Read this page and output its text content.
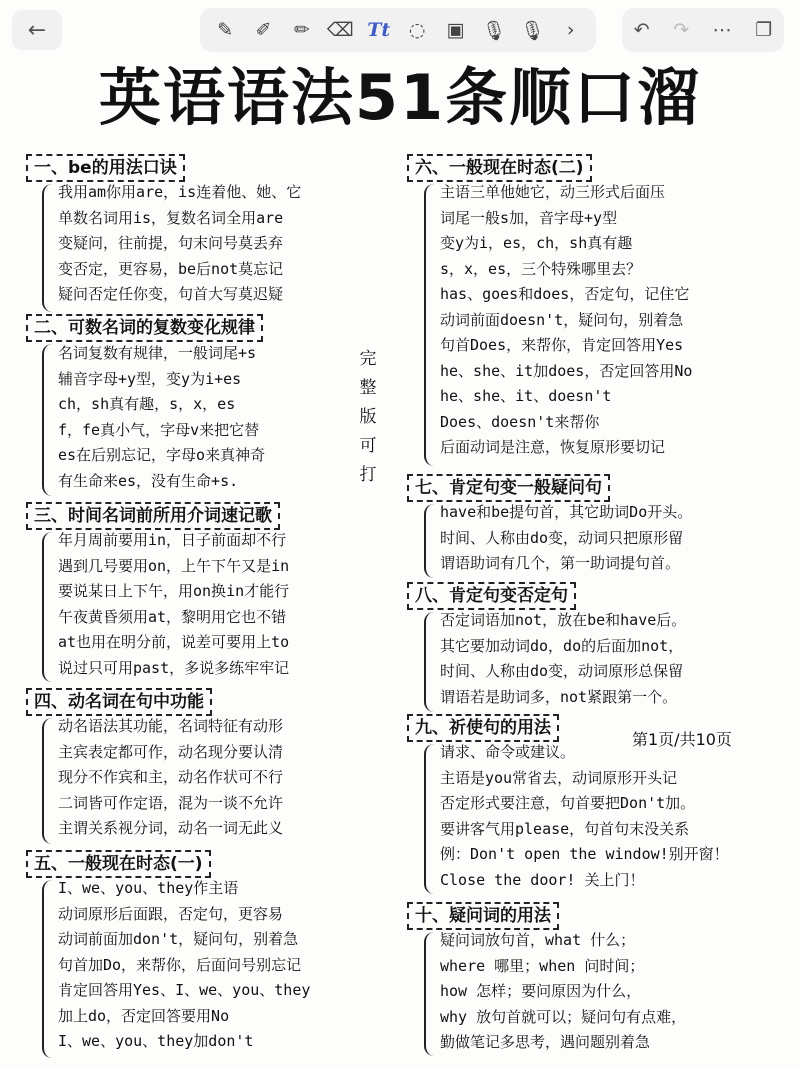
←	✎	✐	✏ ⌫ Tt ◌	▣ 🎙 🎙	›	↶ ↷ ⋯ ❐
英语语法51条顺口溜
一、be的用法口诀
我用am你用are，is连着他、她、它
单数名词用is，复数名词全用are
变疑问，往前提，句末问号莫丢弃
变否定，更容易，be后not莫忘记
疑问否定任你变，句首大写莫迟疑
二、可数名词的复数变化规律
名词复数有规律，一般词尾+s
辅音字母+y型，变y为i+es
ch，sh真有趣，s，x，es
f，fe真小气，字母v来把它替
es在后别忘记，字母o来真神奇
有生命来es，没有生命+s.
完
整
版
可
打
三、时间名词前所用介词速记歌
年月周前要用in，日子前面却不行
遇到几号要用on，上午下午又是in
要说某日上下午，用on换in才能行
午夜黄昏须用at，黎明用它也不错
at也用在明分前，说差可要用上to
说过只可用past，多说多练牢牢记
四、动名词在句中功能
动名语法其功能，名词特征有动形
主宾表定都可作，动名现分要认清
现分不作宾和主，动名作状可不行
二词皆可作定语，混为一谈不允许
主谓关系视分词，动名一词无此义
五、一般现在时态(一)
I、we、you、they作主语
动词原形后面跟，否定句，更容易
动词前面加don't，疑问句，别着急
句首加Do，来帮你，后面问号别忘记
肯定回答用Yes、I、we、you、they
加上do，否定回答要用No
I、we、you、they加don't
六、一般现在时态(二)
主语三单他她它，动三形式后面压
词尾一般s加，音字母+y型
变y为i，es，ch，sh真有趣
s，x，es，三个特殊哪里去？
has、goes和does，否定句，记住它
动词前面doesn't，疑问句，别着急
句首Does，来帮你，肯定回答用Yes
he、she、it加does，否定回答用No
he、she、it、doesn't
Does、doesn't来帮你
后面动词是注意，恢复原形要切记
七、肯定句变一般疑问句
have和be提句首，其它助词Do开头。
时间、人称由do变，动词只把原形留
谓语助词有几个，第一助词提句首。
八、肯定句变否定句
否定词语加not，放在be和have后。
其它要加动词do，do的后面加not，
时间、人称由do变，动词原形总保留
谓语若是助词多，not紧跟第一个。
九、祈使句的用法
第1页/共10页
请求、命令或建议。
主语是you常省去，动词原形开头记
否定形式要注意，句首要把Don't加。
要讲客气用please，句首句末没关系
例：Don't open the window!别开窗！
Close the door! 关上门！
十、疑问词的用法
疑问词放句首，what 什么；
where 哪里；when 问时间；
how 怎样；要问原因为什么，
why 放句首就可以；疑问句有点难，
勤做笔记多思考，遇问题别着急
